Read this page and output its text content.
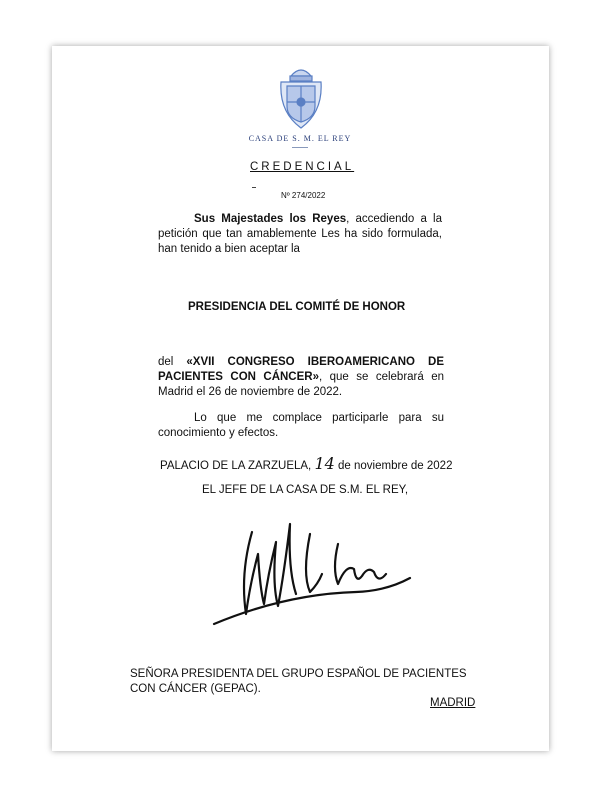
CASA DE S. M. EL REY
CREDENCIAL
Nº 274/2022
Sus Majestades los Reyes, accediendo a la petición que tan amablemente Les ha sido formulada, han tenido a bien aceptar la
PRESIDENCIA DEL COMITÉ DE HONOR
del «XVII CONGRESO IBEROAMERICANO DE PACIENTES CON CÁNCER», que se celebrará en Madrid el 26 de noviembre de 2022.
Lo que me complace participarle para su conocimiento y efectos.
PALACIO DE LA ZARZUELA, 14 de noviembre de 2022
EL JEFE DE LA CASA DE S.M. EL REY,
SEÑORA PRESIDENTA DEL GRUPO ESPAÑOL DE PACIENTES CON CÁNCER (GEPAC).
MADRID
